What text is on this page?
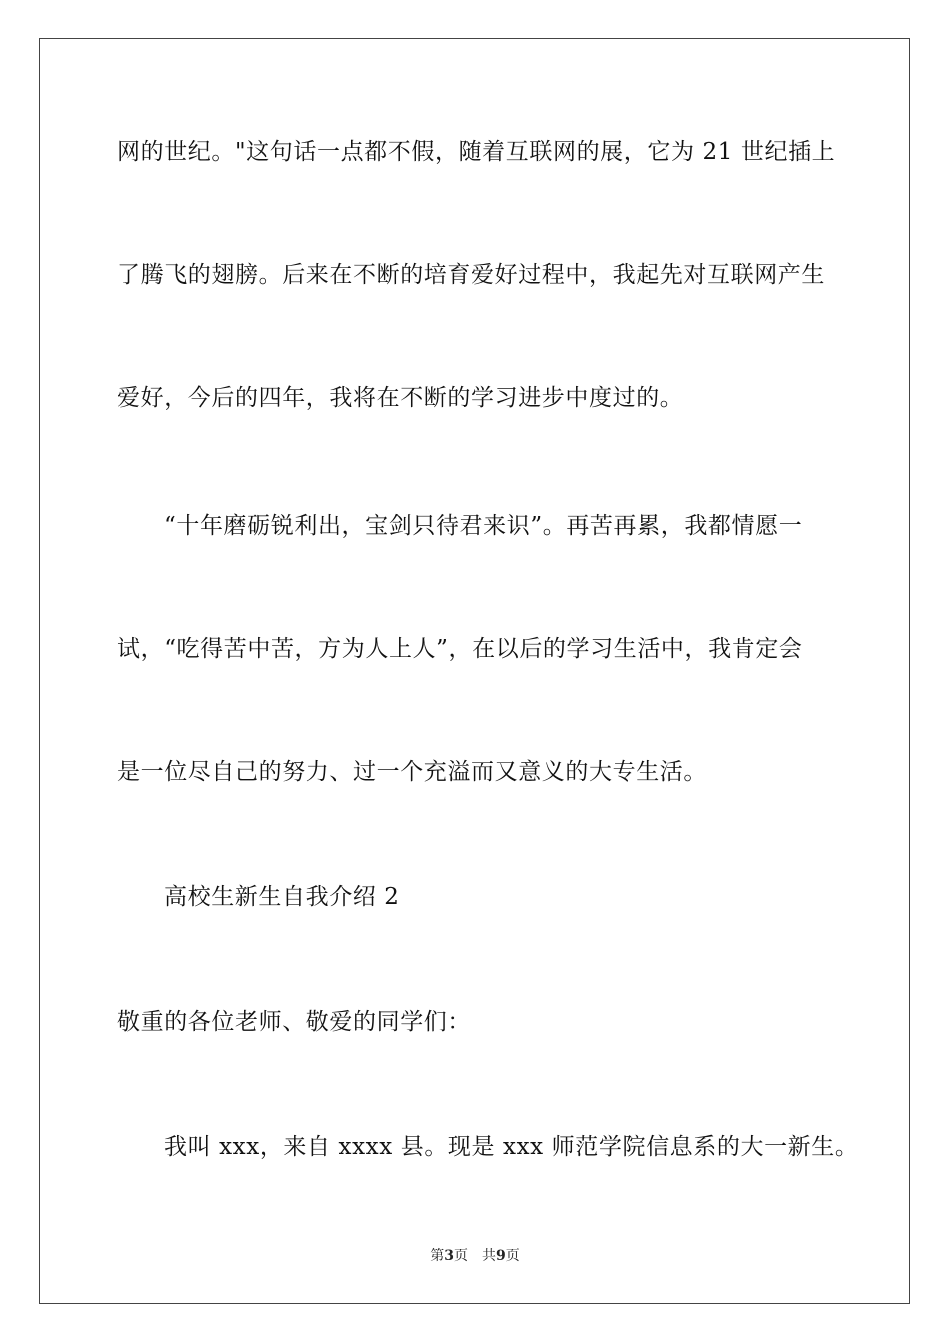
网的世纪。"这句话一点都不假，随着互联网的展，它为 21 世纪插上
了腾飞的翅膀。后来在不断的培育爱好过程中，我起先对互联网产生
爱好，今后的四年，我将在不断的学习进步中度过的。
“十年磨砺锐利出，宝剑只待君来识”。再苦再累，我都情愿一
试，“吃得苦中苦，方为人上人”，在以后的学习生活中，我肯定会
是一位尽自己的努力、过一个充溢而又意义的大专生活。
高校生新生自我介绍 2
敬重的各位老师、敬爱的同学们：
我叫 xxx，来自 xxxx 县。现是 xxx 师范学院信息系的大一新生。
第3页 共9页
